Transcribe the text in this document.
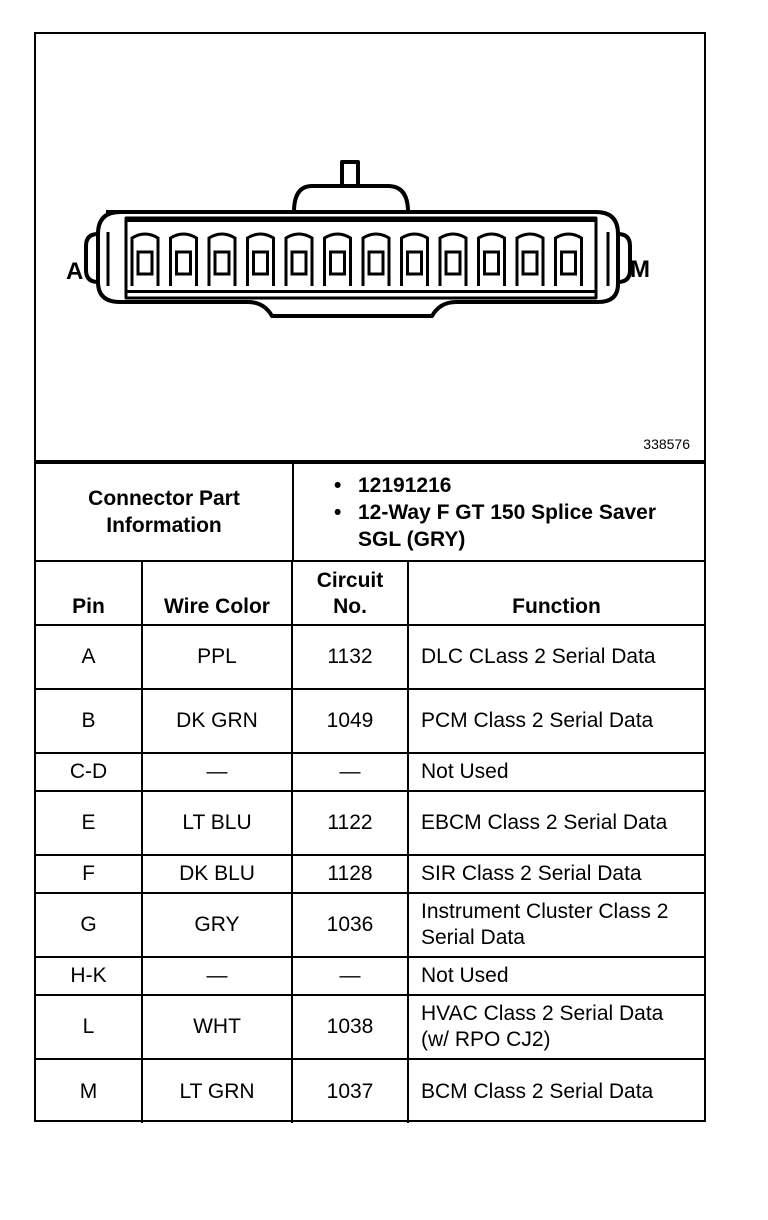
A	M
338576
Connector Part Information	
• 12191216
• 12-Way F GT 150 Splice Saver SGL (GRY)
Pin	Wire Color	Circuit No.	Function
A	PPL	1132	DLC CLass 2 Serial Data
B	DK GRN	1049	PCM Class 2 Serial Data
C-D	—	—	Not Used
E	LT BLU	1122	EBCM Class 2 Serial Data
F	DK BLU	1128	SIR Class 2 Serial Data
G	GRY	1036	Instrument Cluster Class 2 Serial Data
H-K	—	—	Not Used
L	WHT	1038	HVAC Class 2 Serial Data (w/ RPO CJ2)
M	LT GRN	1037	BCM Class 2 Serial Data
